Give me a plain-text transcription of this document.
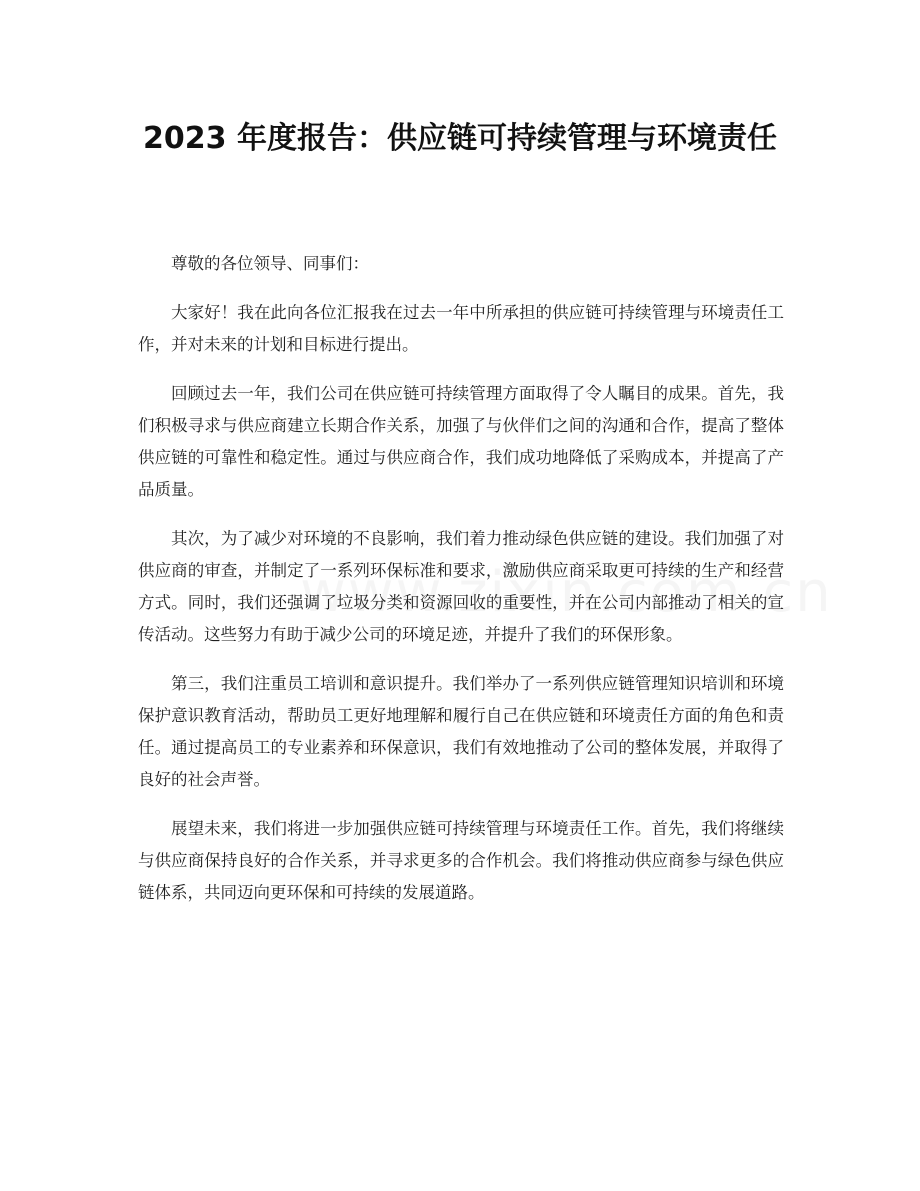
2023 年度报告：供应链可持续管理与环境责任

尊敬的各位领导、同事们：

大家好！我在此向各位汇报我在过去一年中所承担的供应链可持续管理与环境责任工作，并对未来的计划和目标进行提出。

回顾过去一年，我们公司在供应链可持续管理方面取得了令人瞩目的成果。首先，我们积极寻求与供应商建立长期合作关系，加强了与伙伴们之间的沟通和合作，提高了整体供应链的可靠性和稳定性。通过与供应商合作，我们成功地降低了采购成本，并提高了产品质量。

其次，为了减少对环境的不良影响，我们着力推动绿色供应链的建设。我们加强了对供应商的审查，并制定了一系列环保标准和要求，激励供应商采取更可持续的生产和经营方式。同时，我们还强调了垃圾分类和资源回收的重要性，并在公司内部推动了相关的宣传活动。这些努力有助于减少公司的环境足迹，并提升了我们的环保形象。

第三，我们注重员工培训和意识提升。我们举办了一系列供应链管理知识培训和环境保护意识教育活动，帮助员工更好地理解和履行自己在供应链和环境责任方面的角色和责任。通过提高员工的专业素养和环保意识，我们有效地推动了公司的整体发展，并取得了良好的社会声誉。

展望未来，我们将进一步加强供应链可持续管理与环境责任工作。首先，我们将继续与供应商保持良好的合作关系，并寻求更多的合作机会。我们将推动供应商参与绿色供应链体系，共同迈向更环保和可持续的发展道路。
